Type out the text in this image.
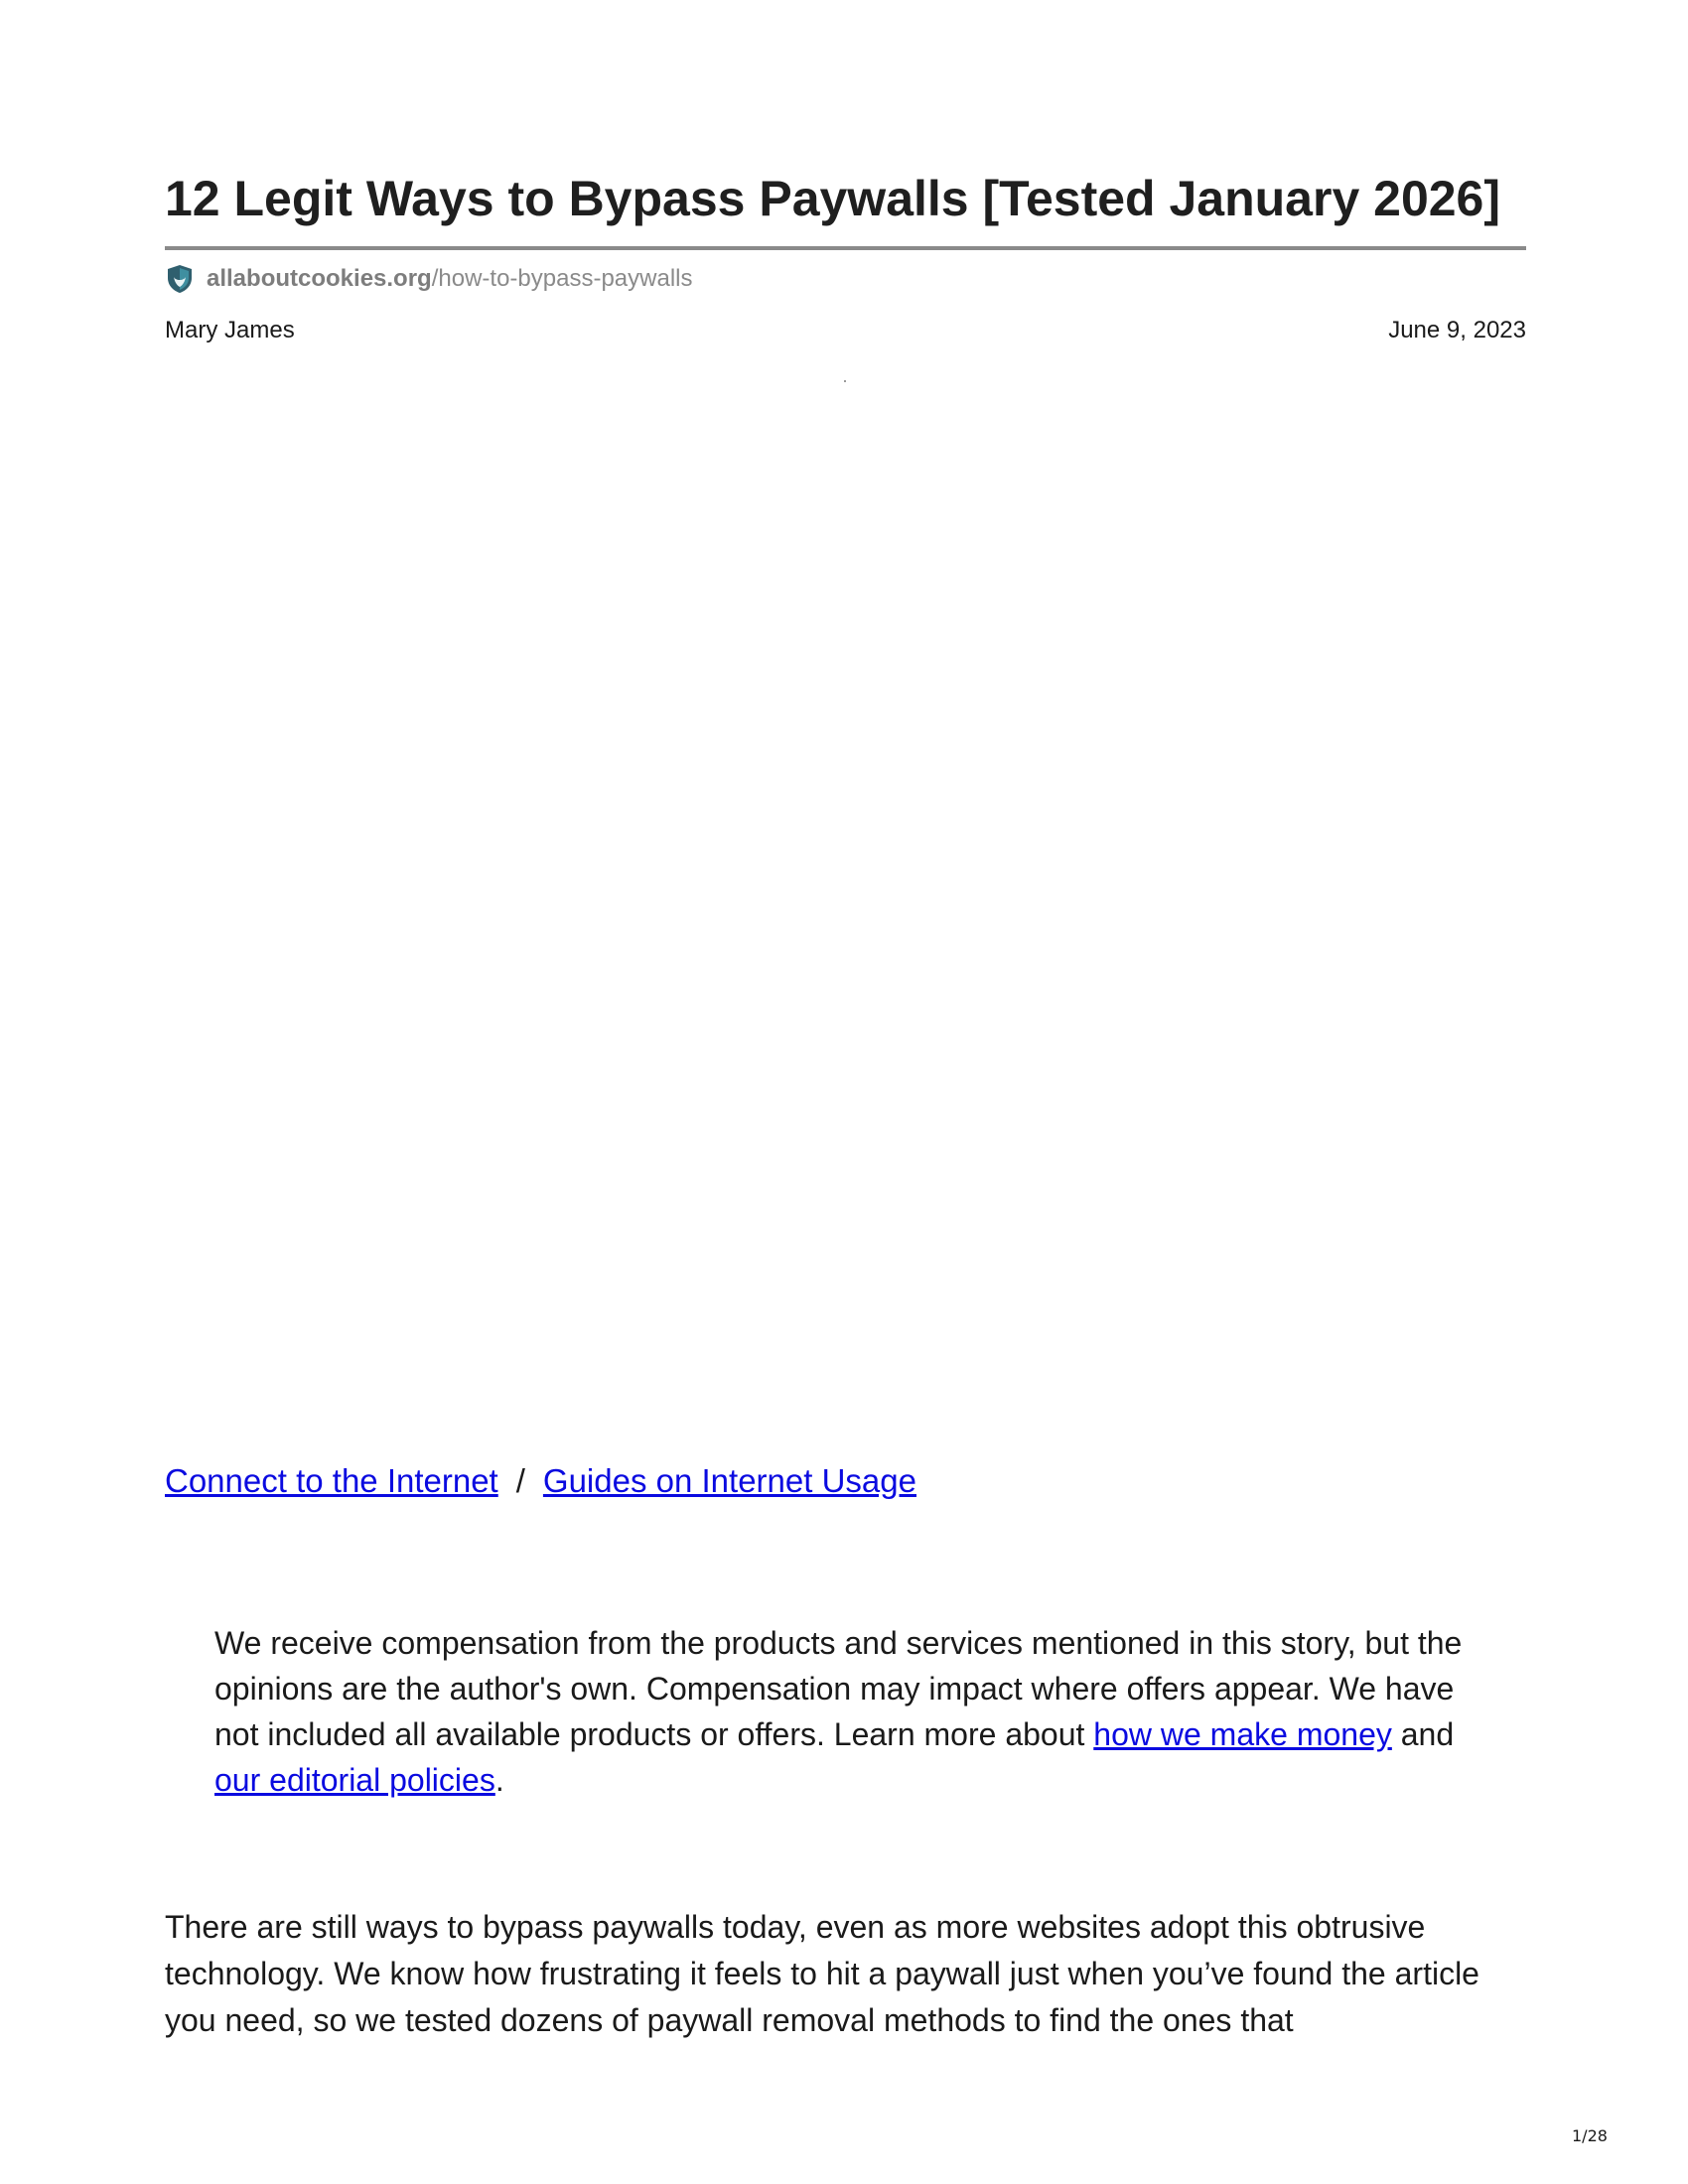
12 Legit Ways to Bypass Paywalls [Tested January 2026]
allaboutcookies.org /how-to-bypass-paywalls
Mary James	June 9, 2023
Connect to the Internet / Guides on Internet Usage

We receive compensation from the products and services mentioned in this story, but the opinions are the author's own. Compensation may impact where offers appear. We have not included all available products or offers. Learn more about how we make money and our editorial policies.

There are still ways to bypass paywalls today, even as more websites adopt this obtrusive technology. We know how frustrating it feels to hit a paywall just when you’ve found the article you need, so we tested dozens of paywall removal methods to find the ones that

1/28
